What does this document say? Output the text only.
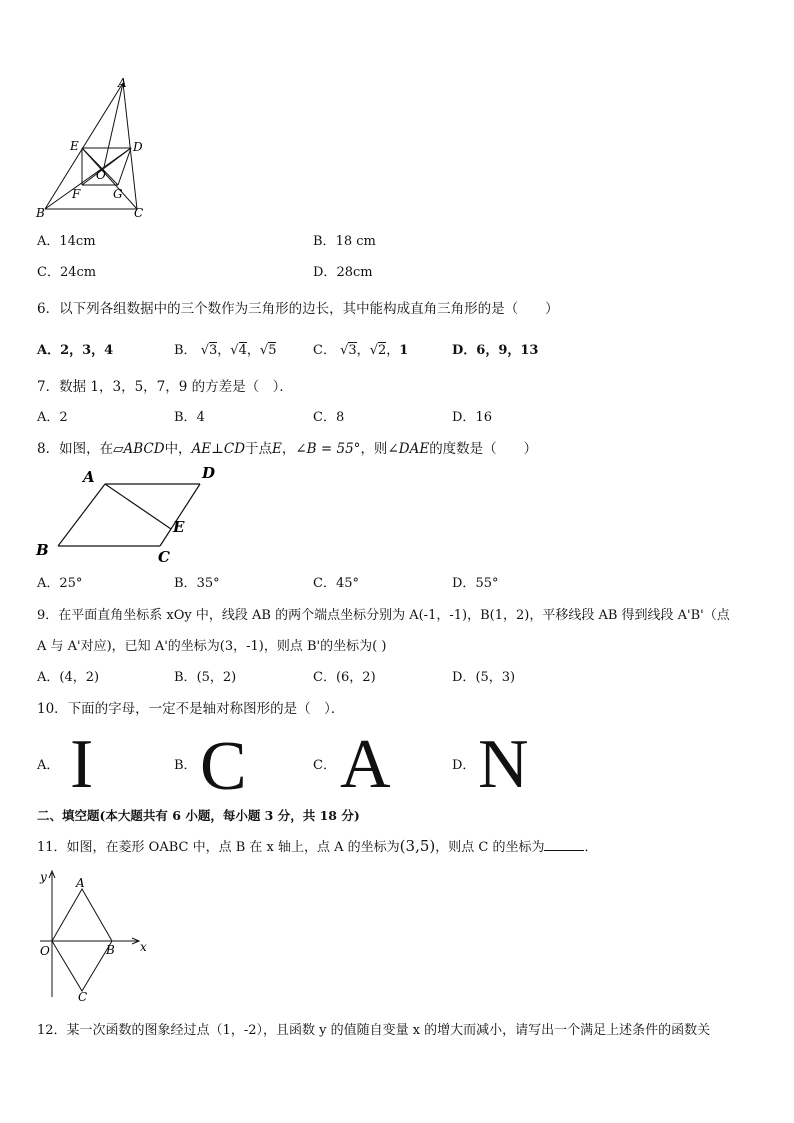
A
E	D
O
F	G
B	C
A．14cm	B．18 cm
C．24cm	D．28cm
6．以下列各组数据中的三个数作为三角形的边长，其中能构成直角三角形的是（　　）
A．2，3，4	B． √3，√4，√5	C． √3，√2，1	D．6，9，13
7．数据 1，3，5，7，9 的方差是（　）．
A．2	B．4	C．8	D．16
8．如图，在▱ABCD中，AE⊥CD于点E，∠B = 55°，则∠DAE的度数是（　　）
A	D
E
B	C
A．25°	B．35°	C．45°	D．55°
9．在平面直角坐标系 xOy 中，线段 AB 的两个端点坐标分别为 A(-1，-1)，B(1，2)，平移线段 AB 得到线段 A'B'（点
A 与 A'对应)，已知 A'的坐标为(3，-1)，则点 B'的坐标为( )
A．(4，2)	B．(5，2)	C．(6，2)	D．(5，3)
10．下面的字母，一定不是轴对称图形的是（　）．
A． I	B． C	C． A	D． N
二、填空题(本大题共有 6 小题，每小题 3 分，共 18 分)
11．如图，在菱形 OABC 中，点 B 在 x 轴上，点 A 的坐标为(3,5)，则点 C 的坐标为	．
y A
O	B x
C
12．某一次函数的图象经过点（1，-2），且函数 y 的值随自变量 x 的增大而减小，请写出一个满足上述条件的函数关
